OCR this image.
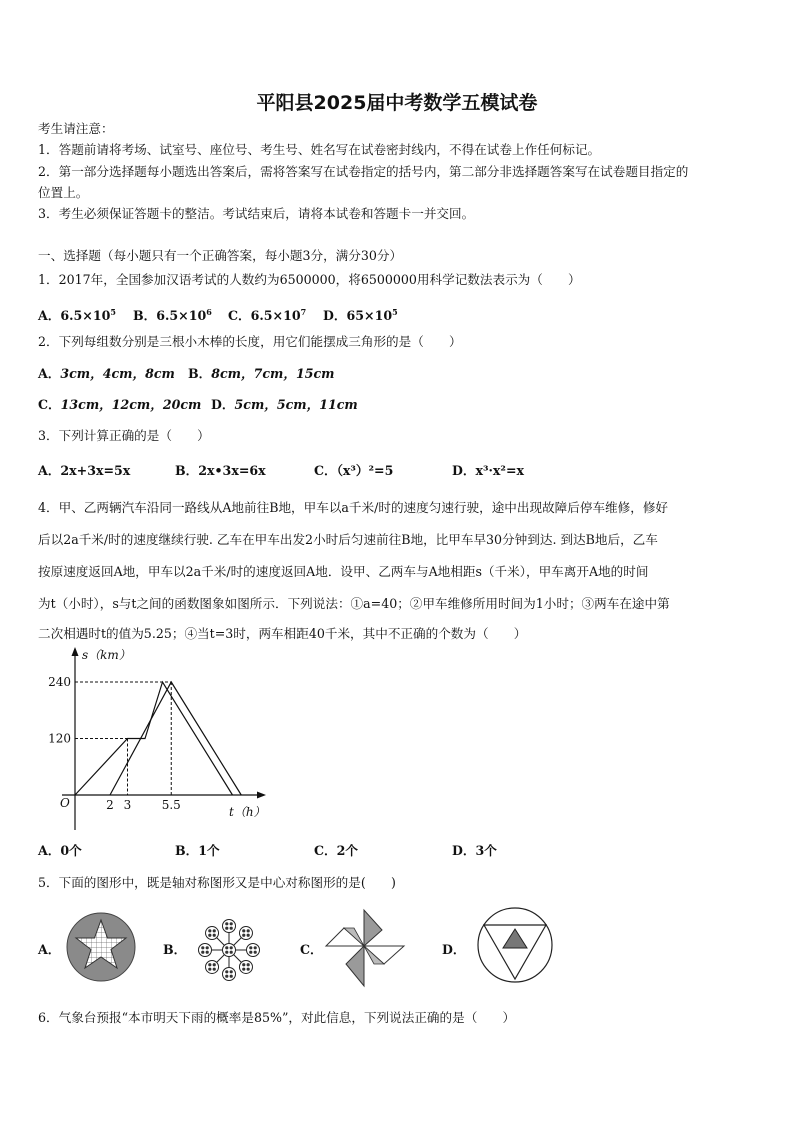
平阳县2025届中考数学五模试卷
考生请注意：
1．答题前请将考场、试室号、座位号、考生号、姓名写在试卷密封线内，不得在试卷上作任何标记。
2．第一部分选择题每小题选出答案后，需将答案写在试卷指定的括号内，第二部分非选择题答案写在试卷题目指定的
位置上。
3．考生必须保证答题卡的整洁。考试结束后，请将本试卷和答题卡一并交回。
一、选择题（每小题只有一个正确答案，每小题3分，满分30分）
1．2017年，全国参加汉语考试的人数约为6500000，将6500000用科学记数法表示为（　　）
A．$6.5\times 10^5$ B．$6.5\times 10^6$ C．$6.5\times 10^7$ D．$65\times 10^5$
2．下列每组数分别是三根小木棒的长度，用它们能摆成三角形的是（　　）
A．3cm，4cm，8cm B．8cm，7cm，15cm
C．13cm，12cm，20cm D．5cm，5cm，11cm
3．下列计算正确的是（　　）
A．2x+3x=5x	B．2x•3x=6x	C．（x³）²=5	D．x³·x²=x
4．甲、乙两辆汽车沿同一路线从A地前往B地，甲车以a千米/时的速度匀速行驶，途中出现故障后停车维修，修好
后以2a千米/时的速度继续行驶. 乙车在甲车出发2小时后匀速前往B地，比甲车早30分钟到达. 到达B地后，乙车
按原速度返回A地，甲车以2a千米/时的速度返回A地．设甲、乙两车与A地相距s（千米），甲车离开A地的时间
为t（小时），s与t之间的函数图象如图所示．下列说法：①a=40；②甲车维修所用时间为1小时；③两车在途中第
二次相遇时t的值为5.25；④当t=3时，两车相距40千米，其中不正确的个数为（　　）
s（km）
t（h）
O
240
120
2 3	5.5
A．0个	B．1个	C．2个	D．3个
5．下面的图形中，既是轴对称图形又是中心对称图形的是(　　)
A．	B．	C．	D．
6．气象台预报“本市明天下雨的概率是85%”，对此信息，下列说法正确的是（　　）
